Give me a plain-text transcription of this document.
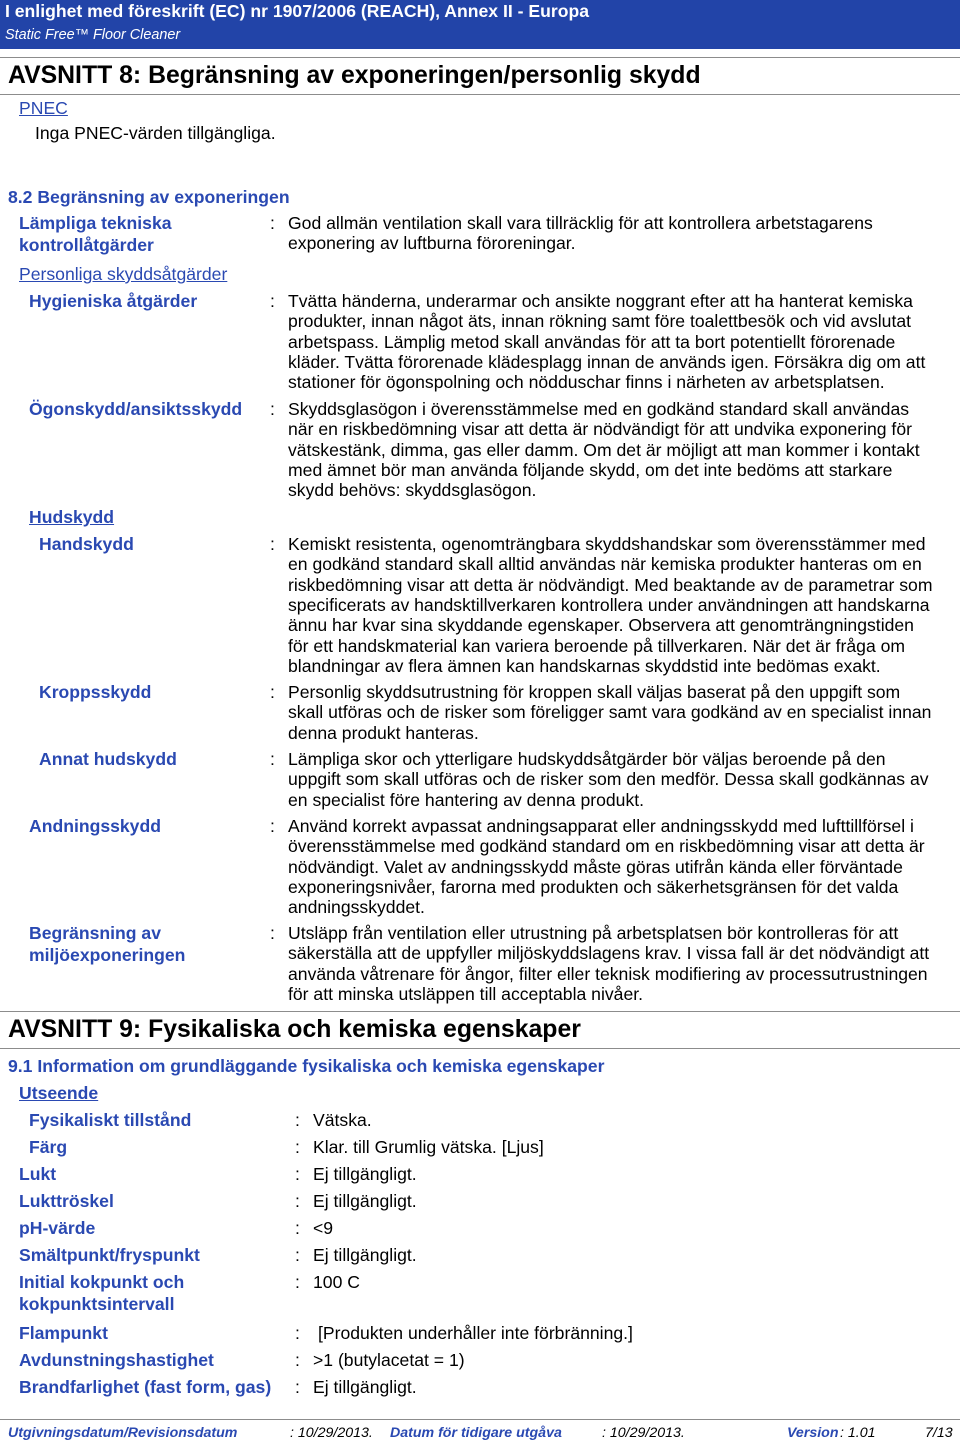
I enlighet med föreskrift (EC) nr 1907/2006 (REACH), Annex II - Europa
Static Free™ Floor Cleaner
AVSNITT 8: Begränsning av exponeringen/personlig skydd
PNEC
Inga PNEC-värden tillgängliga.
8.2 Begränsning av exponeringen
Lämpliga tekniska
kontrollåtgärder
: God allmän ventilation skall vara tillräcklig för att kontrollera arbetstagarens
exponering av luftburna föroreningar.
Personliga skyddsåtgärder
Hygieniska åtgärder	: Tvätta händerna, underarmar och ansikte noggrant efter att ha hanterat kemiska
produkter, innan något äts, innan rökning samt före toalettbesök och vid avslutat
arbetspass. Lämplig metod skall användas för att ta bort potentiellt förorenade
kläder. Tvätta förorenade klädesplagg innan de används igen. Försäkra dig om att
stationer för ögonspolning och nödduschar finns i närheten av arbetsplatsen.
Ögonskydd/ansiktsskydd : Skyddsglasögon i överensstämmelse med en godkänd standard skall användas
när en riskbedömning visar att detta är nödvändigt för att undvika exponering för
vätskestänk, dimma, gas eller damm. Om det är möjligt att man kommer i kontakt
med ämnet bör man använda följande skydd, om det inte bedöms att starkare
skydd behövs: skyddsglasögon.
Hudskydd
Handskydd	: Kemiskt resistenta, ogenomträngbara skyddshandskar som överensstämmer med
en godkänd standard skall alltid användas när kemiska produkter hanteras om en
riskbedömning visar att detta är nödvändigt. Med beaktande av de parametrar som
specificerats av handsktillverkaren kontrollera under användningen att handskarna
ännu har kvar sina skyddande egenskaper. Observera att genomträngningstiden
för ett handskmaterial kan variera beroende på tillverkaren. När det är fråga om
blandningar av flera ämnen kan handskarnas skyddstid inte bedömas exakt.
Kroppsskydd	: Personlig skyddsutrustning för kroppen skall väljas baserat på den uppgift som
skall utföras och de risker som föreligger samt vara godkänd av en specialist innan
denna produkt hanteras.
Annat hudskydd	: Lämpliga skor och ytterligare hudskyddsåtgärder bör väljas beroende på den
uppgift som skall utföras och de risker som den medför. Dessa skall godkännas av
en specialist före hantering av denna produkt.
Andningsskydd	: Använd korrekt avpassat andningsapparat eller andningsskydd med lufttillförsel i
överensstämmelse med godkänd standard om en riskbedömning visar att detta är
nödvändigt. Valet av andningsskydd måste göras utifrån kända eller förväntade
exponeringsnivåer, farorna med produkten och säkerhetsgränsen för det valda
andningsskyddet.
Begränsning av
miljöexponeringen
: Utsläpp från ventilation eller utrustning på arbetsplatsen bör kontrolleras för att
säkerställa att de uppfyller miljöskyddslagens krav. I vissa fall är det nödvändigt att
använda våtrenare för ångor, filter eller teknisk modifiering av processutrustningen
för att minska utsläppen till acceptabla nivåer.
AVSNITT 9: Fysikaliska och kemiska egenskaper
9.1 Information om grundläggande fysikaliska och kemiska egenskaper
Utseende
Fysikaliskt tillstånd	: Vätska.
Färg	: Klar. till Grumlig vätska. [Ljus]
Lukt	: Ej tillgängligt.
Lukttröskel	: Ej tillgängligt.
pH-värde	: <9
Smältpunkt/fryspunkt	: Ej tillgängligt.
Initial kokpunkt och
kokpunktsintervall
: 100 C
Flampunkt	: [Produkten underhåller inte förbränning.]
Avdunstningshastighet	: >1 (butylacetat = 1)
Brandfarlighet (fast form, gas) : Ej tillgängligt.
Utgivningsdatum/Revisionsdatum	: 10/29/2013. Datum för tidigare utgåva	: 10/29/2013.	Version : 1.01	7/13
